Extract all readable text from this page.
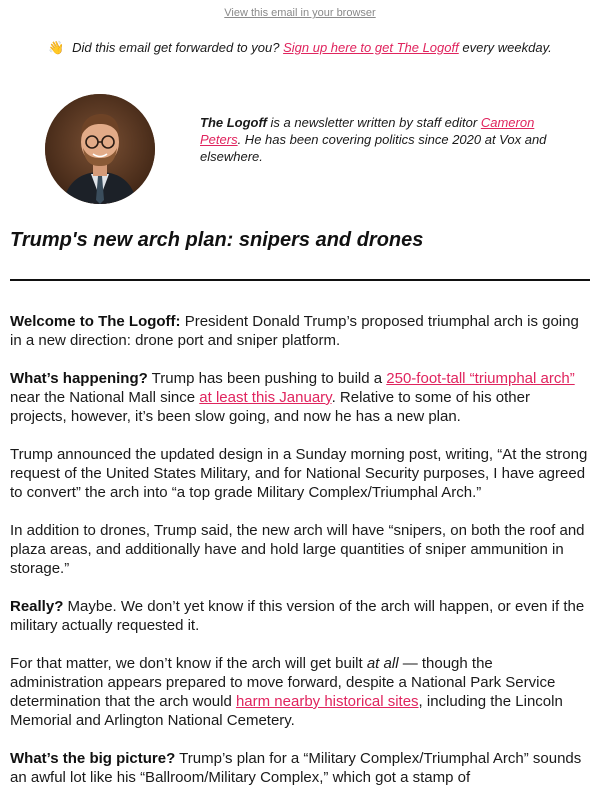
View this email in your browser
👋 Did this email get forwarded to you? Sign up here to get The Logoff every weekday.
The Logoff is a newsletter written by staff editor Cameron Peters. He has been covering politics since 2020 at Vox and elsewhere.
Trump's new arch plan: snipers and drones

Welcome to The Logoff: President Donald Trump’s proposed triumphal arch is going in a new direction: drone port and sniper platform.

What’s happening? Trump has been pushing to build a 250-foot-tall “triumphal arch” near the National Mall since at least this January. Relative to some of his other projects, however, it’s been slow going, and now he has a new plan.

Trump announced the updated design in a Sunday morning post, writing, “At the strong request of the United States Military, and for National Security purposes, I have agreed to convert” the arch into “a top grade Military Complex/Triumphal Arch.”

In addition to drones, Trump said, the new arch will have “snipers, on both the roof and plaza areas, and additionally have and hold large quantities of sniper ammunition in storage.”

Really? Maybe. We don’t yet know if this version of the arch will happen, or even if the military actually requested it.

For that matter, we don’t know if the arch will get built at all — though the administration appears prepared to move forward, despite a National Park Service determination that the arch would harm nearby historical sites, including the Lincoln Memorial and Arlington National Cemetery.

What’s the big picture? Trump’s plan for a “Military Complex/Triumphal Arch” sounds an awful lot like his “Ballroom/Military Complex,” which got a stamp of
